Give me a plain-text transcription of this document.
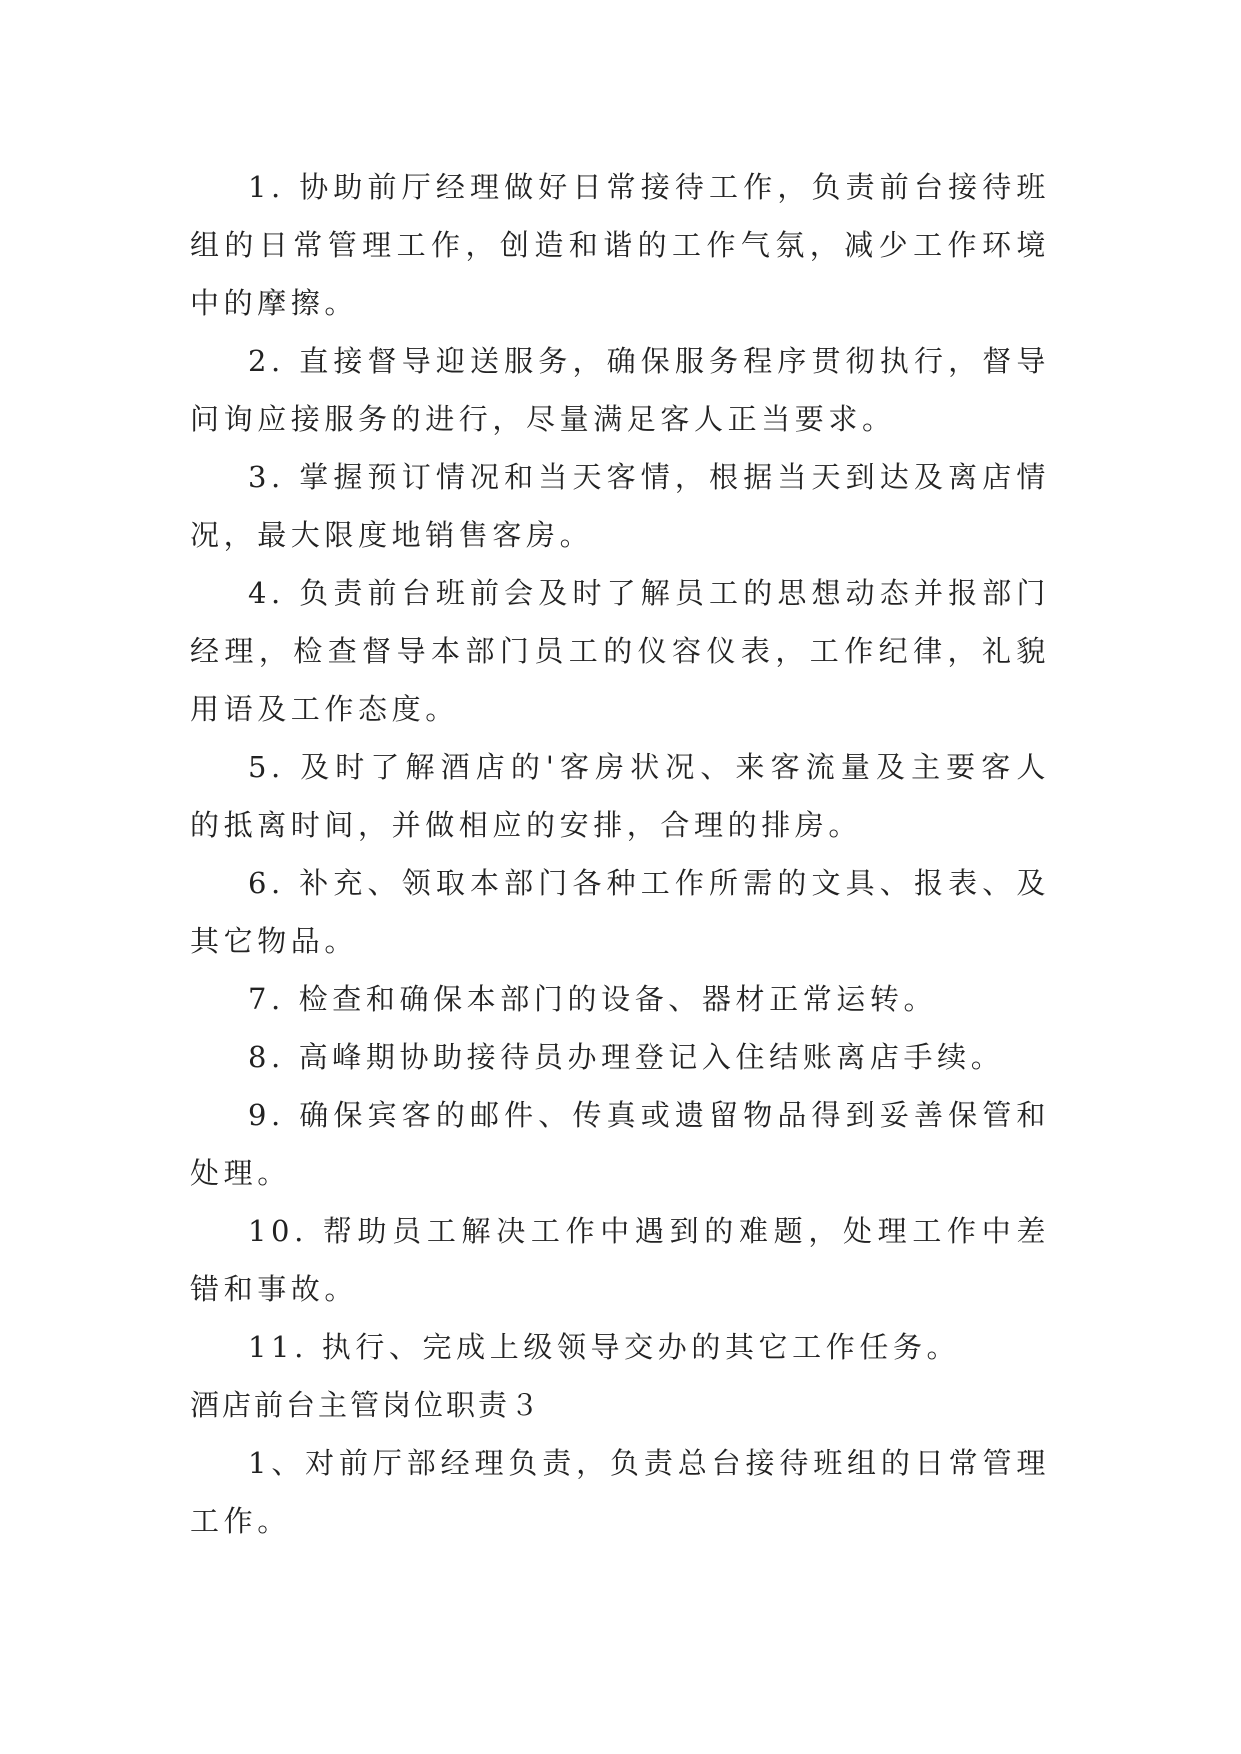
1. 协助前厅经理做好日常接待工作，负责前台接待班组的日常管理工作，创造和谐的工作气氛，减少工作环境中的摩擦。

2. 直接督导迎送服务，确保服务程序贯彻执行，督导问询应接服务的进行，尽量满足客人正当要求。

3. 掌握预订情况和当天客情，根据当天到达及离店情况，最大限度地销售客房。

4. 负责前台班前会及时了解员工的思想动态并报部门经理，检查督导本部门员工的仪容仪表，工作纪律，礼貌用语及工作态度。

5. 及时了解酒店的'客房状况、来客流量及主要客人的抵离时间，并做相应的安排，合理的排房。

6. 补充、领取本部门各种工作所需的文具、报表、及其它物品。

7. 检查和确保本部门的设备、器材正常运转。

8. 高峰期协助接待员办理登记入住结账离店手续。

9. 确保宾客的邮件、传真或遗留物品得到妥善保管和处理。

10. 帮助员工解决工作中遇到的难题，处理工作中差错和事故。

11. 执行、完成上级领导交办的其它工作任务。

酒店前台主管岗位职责３

1、对前厅部经理负责，负责总台接待班组的日常管理工作。
